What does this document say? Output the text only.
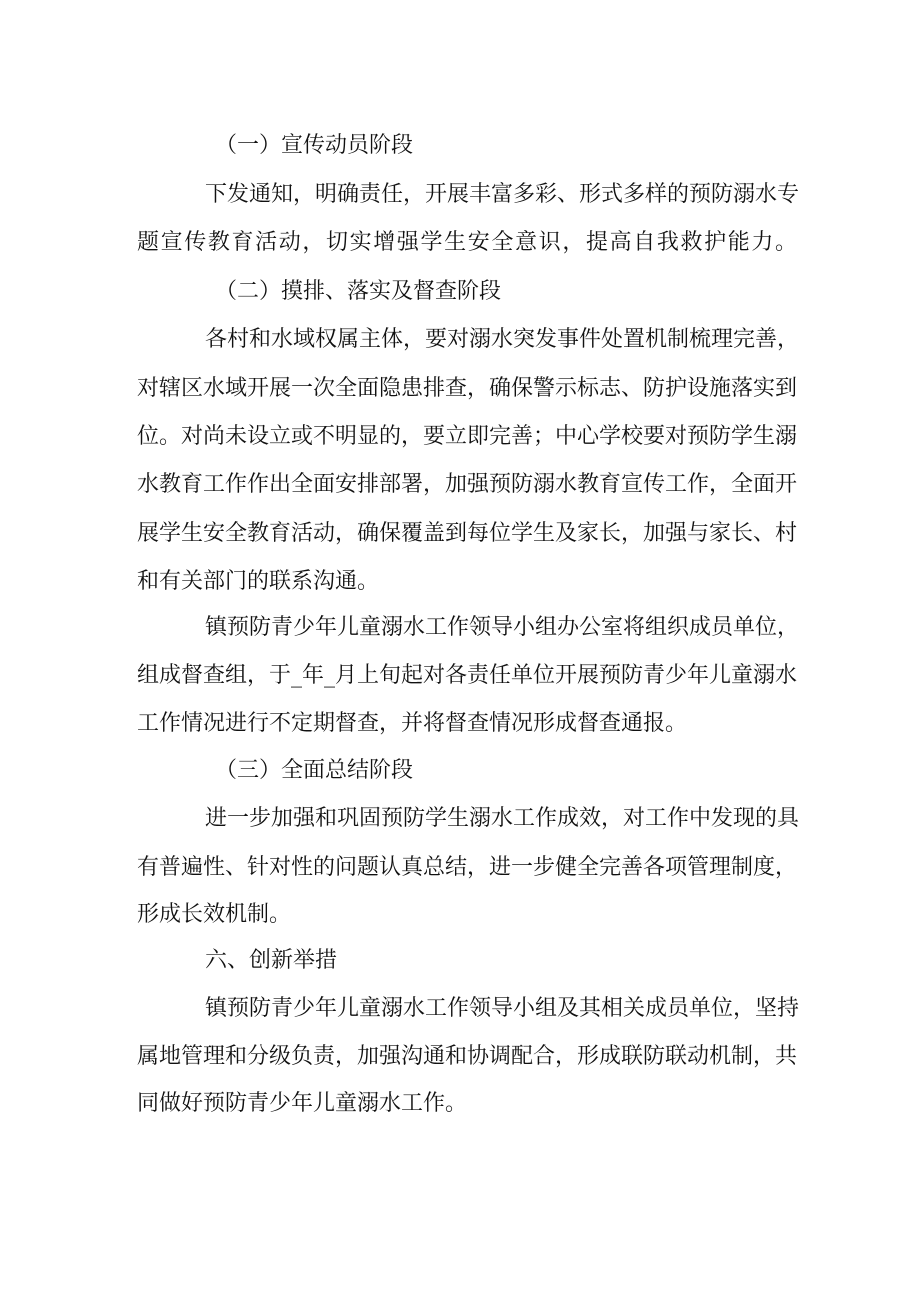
（一）宣传动员阶段

下发通知，明确责任，开展丰富多彩、形式多样的预防溺水专

题宣传教育活动，切实增强学生安全意识，提高自我救护能力。

（二）摸排、落实及督查阶段

各村和水域权属主体，要对溺水突发事件处置机制梳理完善，

对辖区水域开展一次全面隐患排查，确保警示标志、防护设施落实到

位。对尚未设立或不明显的，要立即完善；中心学校要对预防学生溺

水教育工作作出全面安排部署，加强预防溺水教育宣传工作，全面开

展学生安全教育活动，确保覆盖到每位学生及家长，加强与家长、村

和有关部门的联系沟通。

镇预防青少年儿童溺水工作领导小组办公室将组织成员单位，

组成督查组，于_年_月上旬起对各责任单位开展预防青少年儿童溺水

工作情况进行不定期督查，并将督查情况形成督查通报。

（三）全面总结阶段

进一步加强和巩固预防学生溺水工作成效，对工作中发现的具

有普遍性、针对性的问题认真总结，进一步健全完善各项管理制度，

形成长效机制。

六、创新举措

镇预防青少年儿童溺水工作领导小组及其相关成员单位，坚持

属地管理和分级负责，加强沟通和协调配合，形成联防联动机制，共

同做好预防青少年儿童溺水工作。
